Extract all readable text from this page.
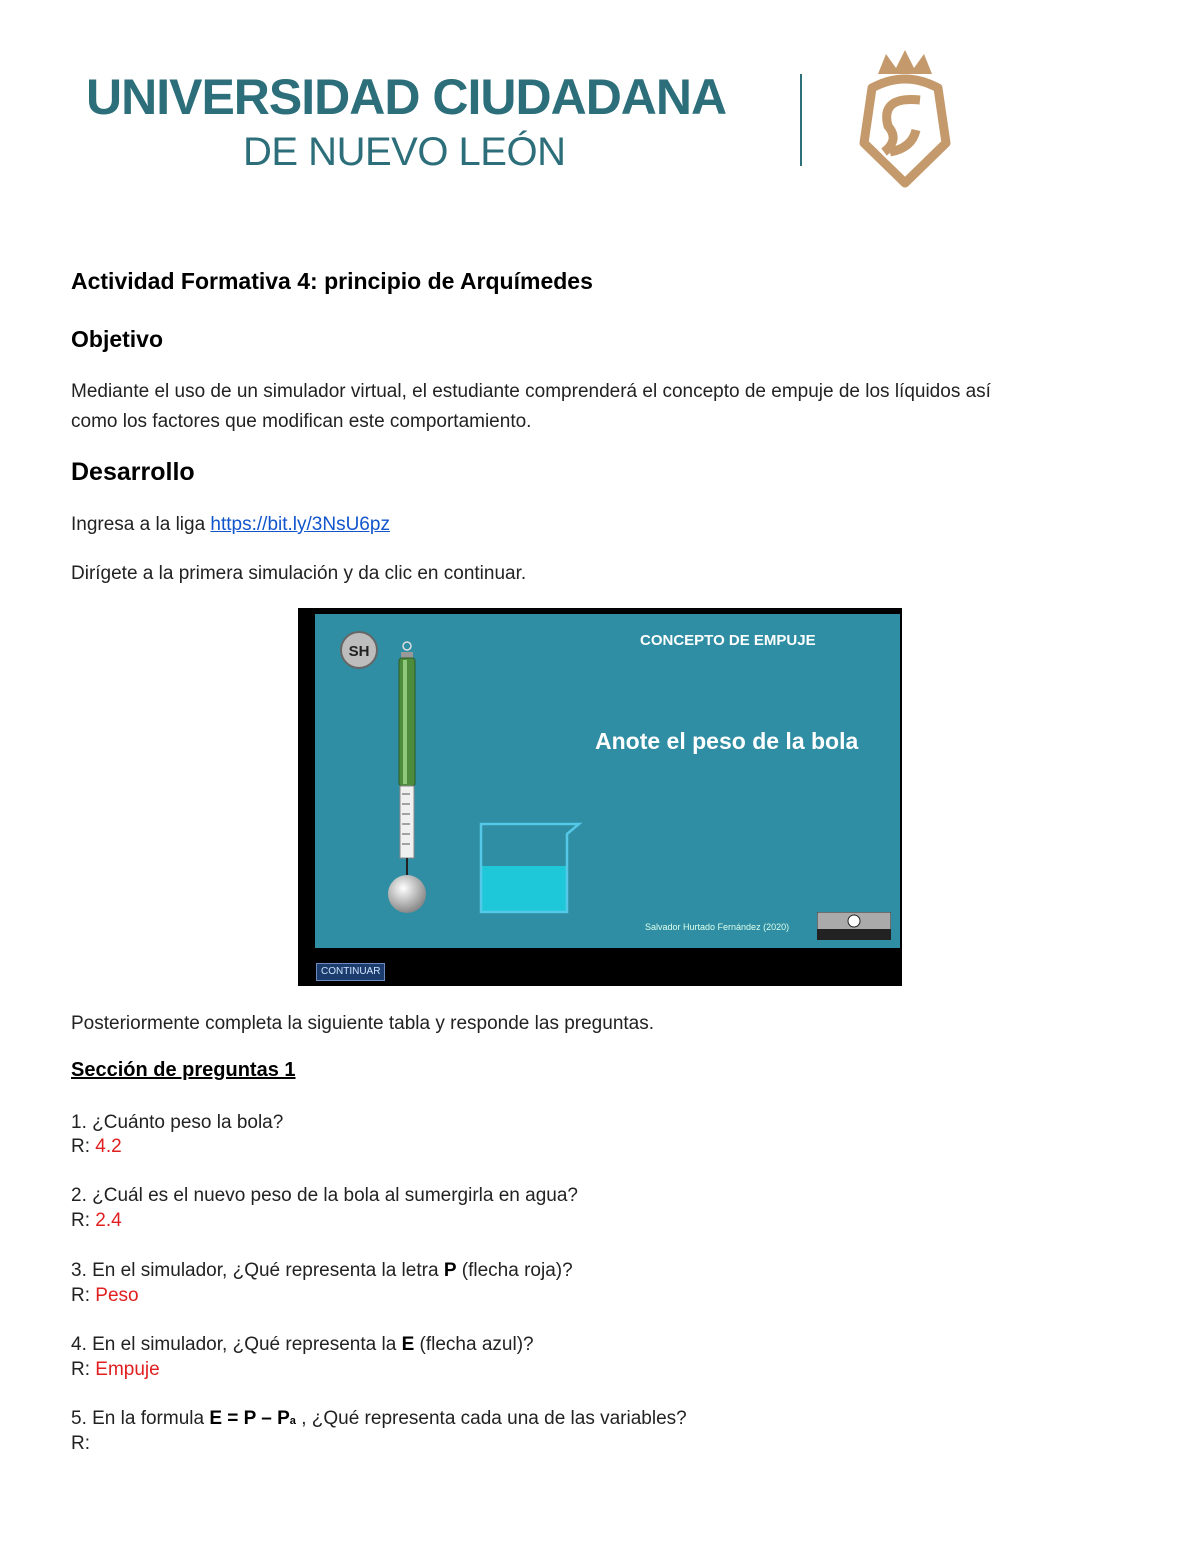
UNIVERSIDAD CIUDADANA
DE NUEVO LEÓN
Actividad Formativa 4: principio de Arquímedes
Objetivo
Mediante el uso de un simulador virtual, el estudiante comprenderá el concepto de empuje de los líquidos así
como los factores que modifican este comportamiento.
Desarrollo
Ingresa a la liga https://bit.ly/3NsU6pz
Dirígete a la primera simulación y da clic en continuar.
SH
CONCEPTO DE EMPUJE
Anote el peso de la bola
Salvador Hurtado Fernández (2020)
CONTINUAR
Posteriormente completa la siguiente tabla y responde las preguntas.
Sección de preguntas 1
1. ¿Cuánto peso la bola?
R: 4.2
2. ¿Cuál es el nuevo peso de la bola al sumergirla en agua?
R: 2.4
3. En el simulador, ¿Qué representa la letra P (flecha roja)?
R: Peso
4. En el simulador, ¿Qué representa la E (flecha azul)?
R: Empuje
5. En la formula E = P – Pa , ¿Qué representa cada una de las variables?
R:
